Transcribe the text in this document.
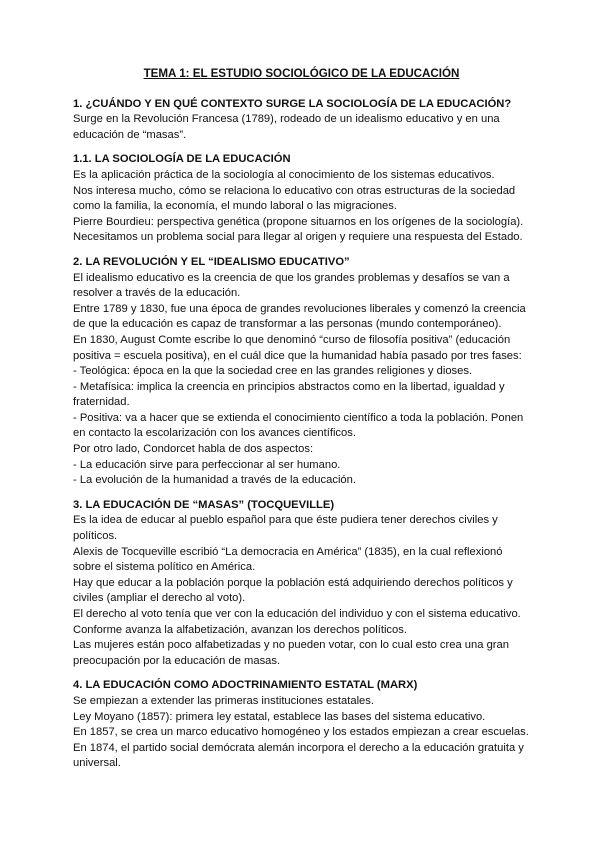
TEMA 1: EL ESTUDIO SOCIOLÓGICO DE LA EDUCACIÓN

1. ¿CUÁNDO Y EN QUÉ CONTEXTO SURGE LA SOCIOLOGÍA DE LA EDUCACIÓN?

Surge en la Revolución Francesa (1789), rodeado de un idealismo educativo y en una

educación de “masas”.

1.1. LA SOCIOLOGÍA DE LA EDUCACIÓN

Es la aplicación práctica de la sociología al conocimiento de los sistemas educativos.

Nos interesa mucho, cómo se relaciona lo educativo con otras estructuras de la sociedad

como la familia, la economía, el mundo laboral o las migraciones.

Pierre Bourdieu: perspectiva genética (propone situarnos en los orígenes de la sociología).

Necesitamos un problema social para llegar al origen y requiere una respuesta del Estado.

2. LA REVOLUCIÓN Y EL “IDEALISMO EDUCATIVO”

El idealismo educativo es la creencia de que los grandes problemas y desafíos se van a

resolver a través de la educación.

Entre 1789 y 1830, fue una época de grandes revoluciones liberales y comenzó la creencia

de que la educación es capaz de transformar a las personas (mundo contemporáneo).

En 1830, August Comte escribe lo que denominó “curso de filosofía positiva” (educación

positiva = escuela positiva), en el cuál dice que la humanidad había pasado por tres fases:

- Teológica: época en la que la sociedad cree en las grandes religiones y dioses.

- Metafísica: implica la creencia en principios abstractos como en la libertad, igualdad y

fraternidad.

- Positiva: va a hacer que se extienda el conocimiento científico a toda la población. Ponen

en contacto la escolarización con los avances científicos.

Por otro lado, Condorcet habla de dos aspectos:

- La educación sirve para perfeccionar al ser humano.

- La evolución de la humanidad a través de la educación.

3. LA EDUCACIÓN DE “MASAS” (TOCQUEVILLE)

Es la idea de educar al pueblo español para que éste pudiera tener derechos civiles y

políticos.

Alexis de Tocqueville escribió “La democracia en América” (1835), en la cual reflexionó

sobre el sistema político en América.

Hay que educar a la población porque la población está adquiriendo derechos políticos y

civiles (ampliar el derecho al voto).

El derecho al voto tenía que ver con la educación del individuo y con el sistema educativo.

Conforme avanza la alfabetización, avanzan los derechos políticos.

Las mujeres están poco alfabetizadas y no pueden votar, con lo cual esto crea una gran

preocupación por la educación de masas.

4. LA EDUCACIÓN COMO ADOCTRINAMIENTO ESTATAL (MARX)

Se empiezan a extender las primeras instituciones estatales.

Ley Moyano (1857): primera ley estatal, establece las bases del sistema educativo.

En 1857, se crea un marco educativo homogéneo y los estados empiezan a crear escuelas.

En 1874, el partido social demócrata alemán incorpora el derecho a la educación gratuita y

universal.
